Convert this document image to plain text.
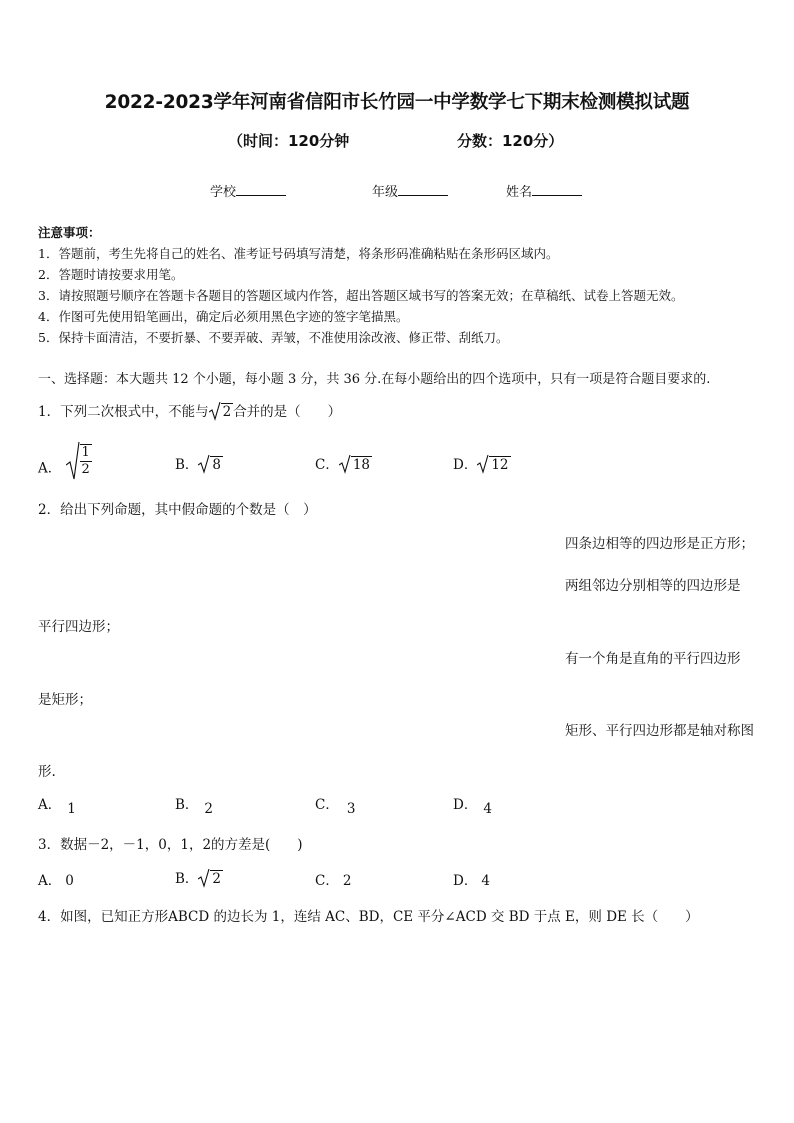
2022-2023学年河南省信阳市长竹园一中学数学七下期末检测模拟试题
（时间：120分钟	分数：120分）
学校	年级	姓名
注意事项：
1．答题前，考生先将自己的姓名、准考证号码填写清楚，将条形码准确粘贴在条形码区域内。
2．答题时请按要求用笔。
3．请按照题号顺序在答题卡各题目的答题区域内作答，超出答题区域书写的答案无效；在草稿纸、试卷上答题无效。
4．作图可先使用铅笔画出，确定后必须用黑色字迹的签字笔描黑。
5．保持卡面清洁，不要折暴、不要弄破、弄皱，不准使用涂改液、修正带、刮纸刀。
一、选择题：本大题共 12 个小题，每小题 3 分，共 36 分.在每小题给出的四个选项中，只有一项是符合题目要求的.
1．下列二次根式中，不能与 2 合并的是（　　）
A． $\frac{1}{2}$	B． 8	C． 18	D． 12
2．给出下列命题，其中假命题的个数是（　）
四条边相等的四边形是正方形；
两组邻边分别相等的四边形是
平行四边形；
有一个角是直角的平行四边形
是矩形；
矩形、平行四边形都是轴对称图
形.
A． 1	B． 2	C． 3	D． 4
3．数据－2，－1，0，1，2的方差是(　　)
A． 0	B． 2	C． 2	D． 4
4．如图，已知正方形ABCD 的边长为 1，连结 AC、BD，CE 平分∠ACD 交 BD 于点 E，则 DE 长（　　）
